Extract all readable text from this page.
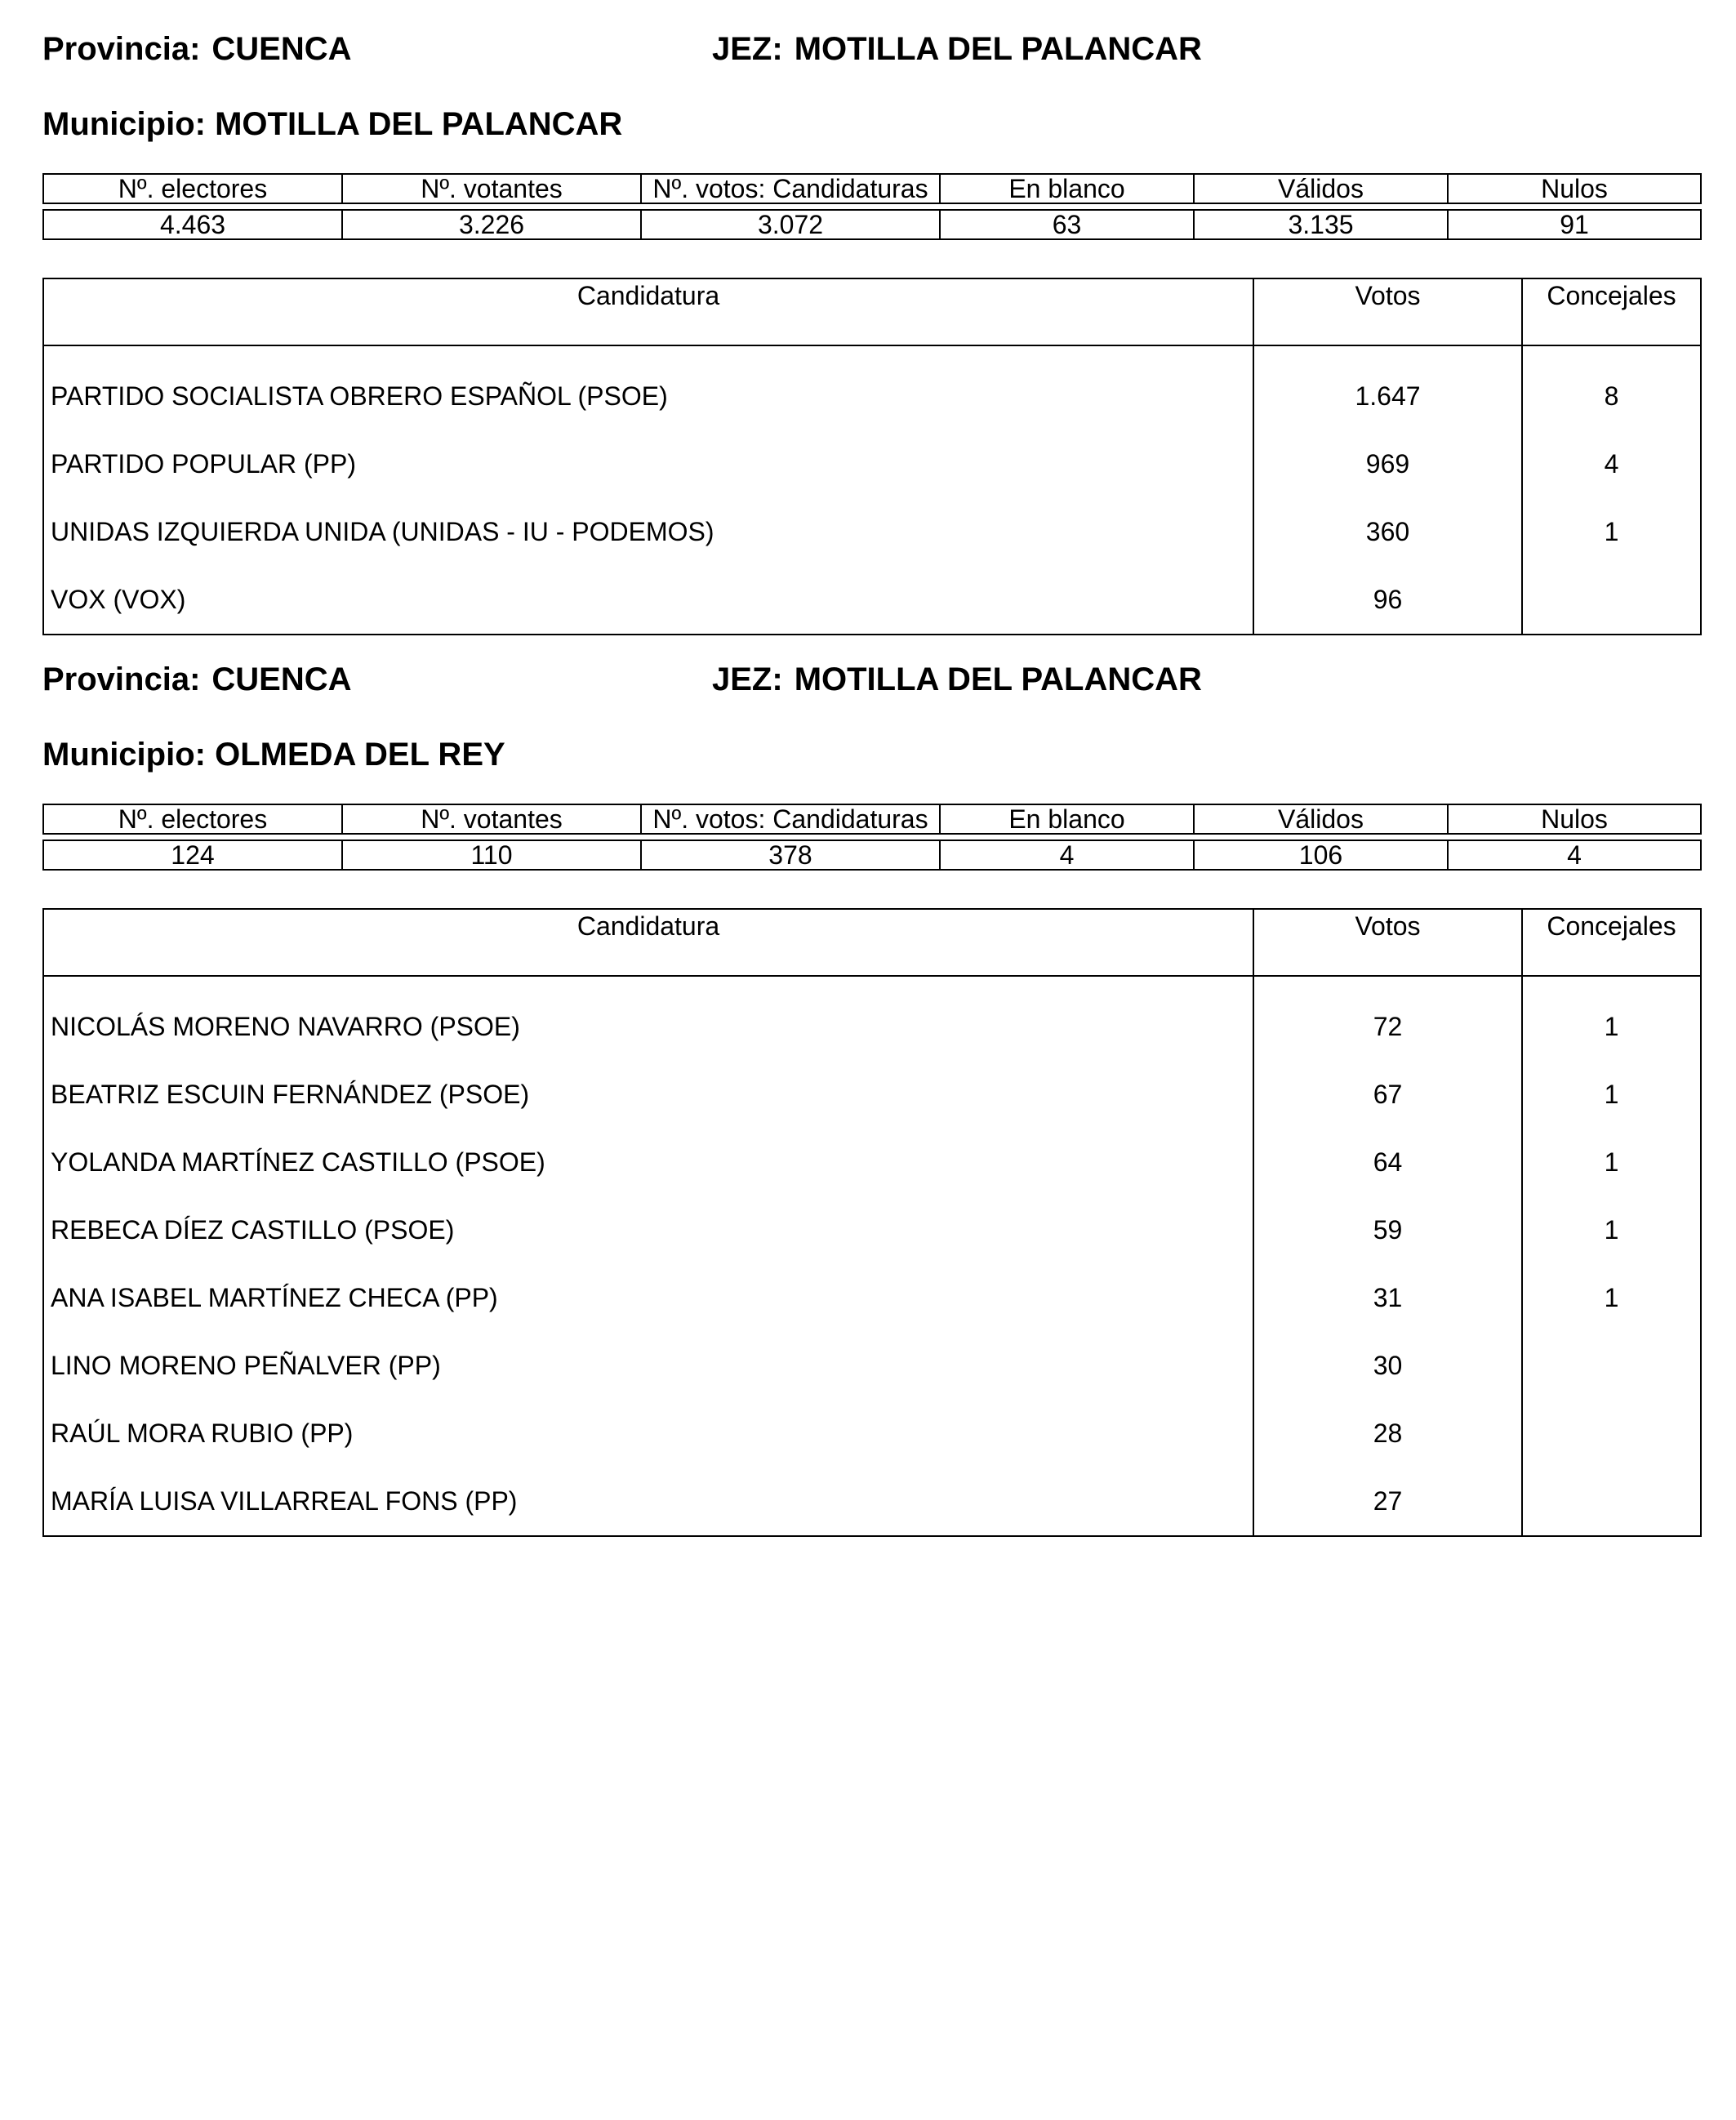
Provincia: CUENCA	JEZ: MOTILLA DEL PALANCAR
Municipio: MOTILLA DEL PALANCAR
Nº. electores	Nº. votantes	Nº. votos: Candidaturas	En blanco	Válidos	Nulos

4.463	3.226	3.072	63	3.135	91
Candidatura	Votos	Concejales

PARTIDO SOCIALISTA OBRERO ESPAÑOL (PSOE)	1.647	8
PARTIDO POPULAR (PP)	969	4
UNIDAS IZQUIERDA UNIDA (UNIDAS - IU - PODEMOS)	360	1
VOX (VOX)	96	
Provincia: CUENCA	JEZ: MOTILLA DEL PALANCAR
Municipio: OLMEDA DEL REY
Nº. electores	Nº. votantes	Nº. votos: Candidaturas	En blanco	Válidos	Nulos

124	110	378	4	106	4
Candidatura	Votos	Concejales

NICOLÁS MORENO NAVARRO (PSOE)	72	1
BEATRIZ ESCUIN FERNÁNDEZ (PSOE)	67	1
YOLANDA MARTÍNEZ CASTILLO (PSOE)	64	1
REBECA DÍEZ CASTILLO (PSOE)	59	1
ANA ISABEL MARTÍNEZ CHECA (PP)	31	1
LINO MORENO PEÑALVER (PP)	30	
RAÚL MORA RUBIO (PP)	28	
MARÍA LUISA VILLARREAL FONS (PP)	27	
